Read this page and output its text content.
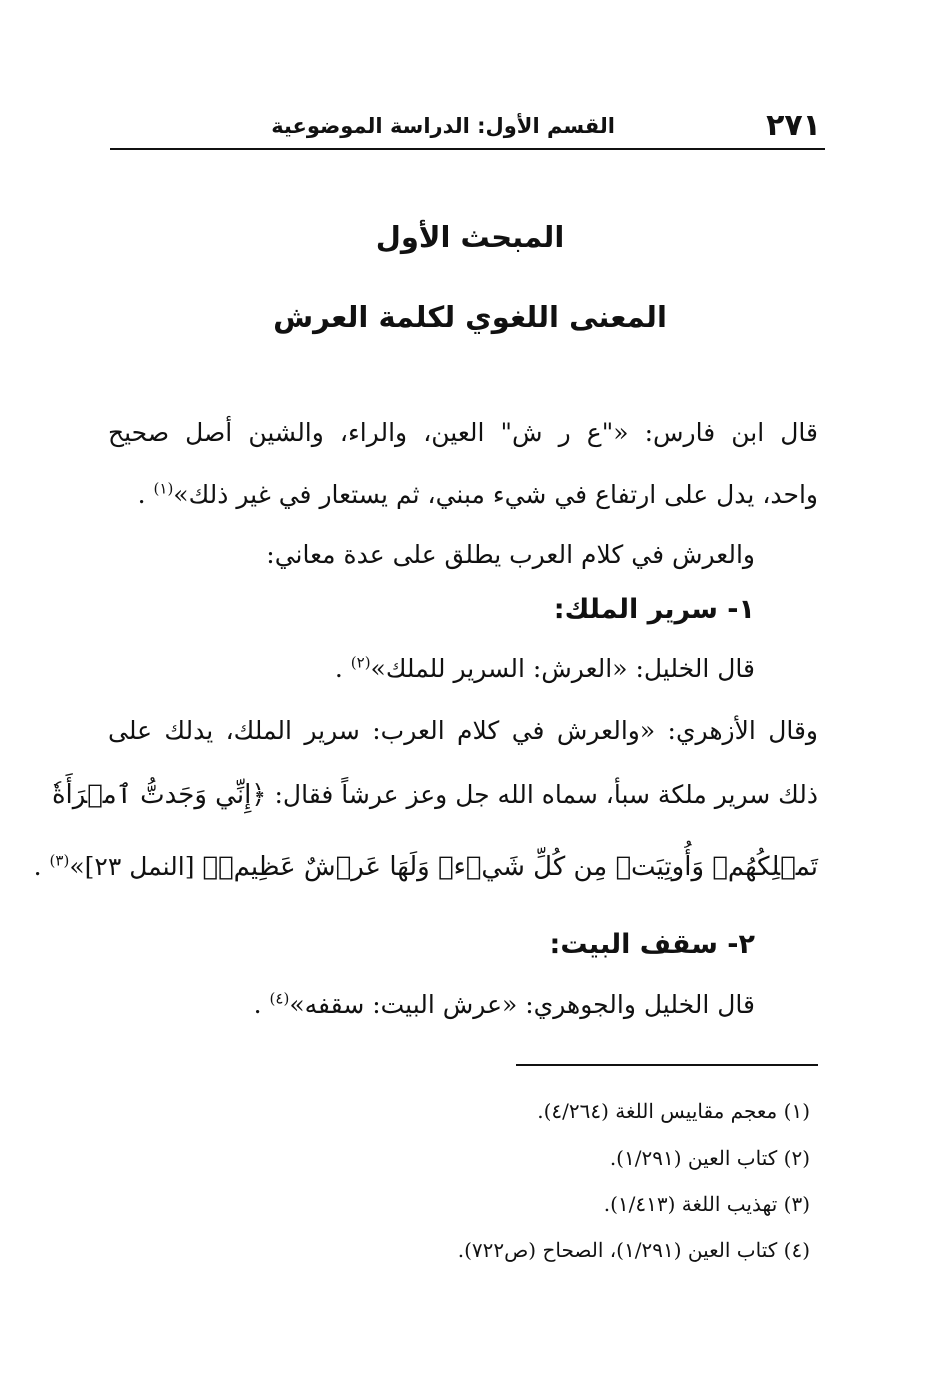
٢٧١
القسم الأول: الدراسة الموضوعية
المبحث الأول
المعنى اللغوي لكلمة العرش
قال ابن فارس: «"ع ر ش" العين، والراء، والشين أصل صحيح
واحد، يدل على ارتفاع في شيء مبني، ثم يستعار في غير ذلك»$^{(١)}$ .
والعرش في كلام العرب يطلق على عدة معاني:
١- سرير الملك:
قال الخليل: «العرش: السرير للملك»$^{(٢)}$ .
وقال الأزهري: «والعرش في كلام العرب: سرير الملك، يدلك على
ذلك سرير ملكة سبأ، سماه الله جل وعز عرشاً فقال: ﴿إِنِّي وَجَدتُّ ٱمۡرَأَةٗ
تَمۡلِكُهُمۡ وَأُوتِيَتۡ مِن كُلِّ شَيۡءٖ وَلَهَا عَرۡشٌ عَظِيمٞ﴾ [النمل ٢٣]»$^{(٣)}$ .
٢- سقف البيت:
قال الخليل والجوهري: «عرش البيت: سقفه»$^{(٤)}$ .
(١) معجم مقاييس اللغة (٤/٢٦٤).
(٢) كتاب العين (١/٢٩١).
(٣) تهذيب اللغة (١/٤١٣).
(٤) كتاب العين (١/٢٩١)، الصحاح (ص٧٢٢).
